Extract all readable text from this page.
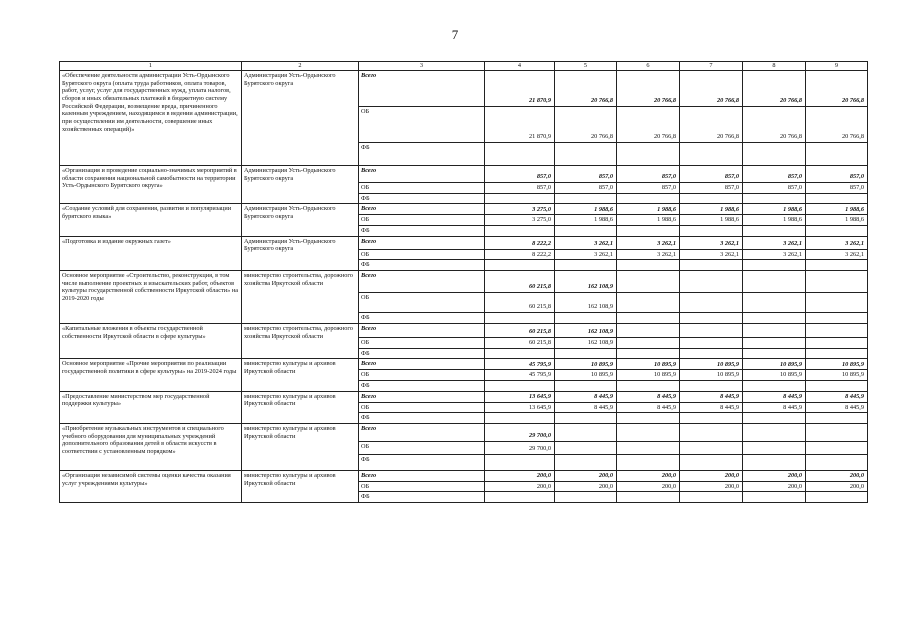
7
1	2	3	4	5	6	7	8	9
«Обеспечение деятельности администрации Усть-Ордынского Бурятского округа (оплата труда работников, оплата товаров, работ, услуг, услуг для государственных нужд, уплата налогов, сборов и иных обязательных платежей в бюджетную систему Российской Федерации, возмещение вреда, причиненного казенным учреждением, находящимся в ведении администрации, при осуществлении им деятельности, совершение иных хозяйственных операций)»	Администрация Усть-Ордынского Бурятского округа	Всего	21 870,9	20 766,8	20 766,8	20 766,8	20 766,8	20 766,8
		ОБ	21 870,9	20 766,8	20 766,8	20 766,8	20 766,8	20 766,8
		ФБ						
«Организация и проведение социально-значимых мероприятий в области сохранения национальной самобытности на территории Усть-Ордынского Бурятского округа»	Администрация Усть-Ордынского Бурятского округа	Всего	857,0	857,0	857,0	857,0	857,0	857,0
		ОБ	857,0	857,0	857,0	857,0	857,0	857,0
		ФБ						
«Создание условий для сохранения, развития и популяризации бурятского языка»	Администрация Усть-Ордынского Бурятского округа	Всего	3 275,0	1 988,6	1 988,6	1 988,6	1 988,6	1 988,6
		ОБ	3 275,0	1 988,6	1 988,6	1 988,6	1 988,6	1 988,6
		ФБ						
«Подготовка и издание окружных газет»	Администрация Усть-Ордынского Бурятского округа	Всего	8 222,2	3 262,1	3 262,1	3 262,1	3 262,1	3 262,1
		ОБ	8 222,2	3 262,1	3 262,1	3 262,1	3 262,1	3 262,1
		ФБ						
Основное мероприятие «Строительство, реконструкция, в том числе выполнение проектных и изыскательских работ, объектов культуры государственной собственности Иркутской области» на 2019-2020 годы	министерство строительства, дорожного хозяйства Иркутской области	Всего	60 215,8	162 108,9				
		ОБ	60 215,8	162 108,9				
		ФБ						
«Капитальные вложения в объекты государственной собственности Иркутской области в сфере культуры»	министерство строительства, дорожного хозяйства Иркутской области	Всего	60 215,8	162 108,9				
		ОБ	60 215,8	162 108,9				
		ФБ						
Основное мероприятие «Прочие мероприятия по реализации государственной политики в сфере культуры» на 2019-2024 годы	министерство культуры и архивов Иркутской области	Всего	45 795,9	10 895,9	10 895,9	10 895,9	10 895,9	10 895,9
		ОБ	45 795,9	10 895,9	10 895,9	10 895,9	10 895,9	10 895,9
		ФБ						
«Предоставление министерством мер государственной поддержки культуры»	министерство культуры и архивов Иркутской области	Всего	13 645,9	8 445,9	8 445,9	8 445,9	8 445,9	8 445,9
		ОБ	13 645,9	8 445,9	8 445,9	8 445,9	8 445,9	8 445,9
		ФБ						
«Приобретение музыкальных инструментов и специального учебного оборудования для муниципальных учреждений дополнительного образования детей в области искусств в соответствии с установленным порядком»	министерство культуры и архивов Иркутской области	Всего	29 700,0					
		ОБ	29 700,0					
		ФБ						
«Организация независимой системы оценки качества оказания услуг учреждениями культуры»	министерство культуры и архивов Иркутской области	Всего	200,0	200,0	200,0	200,0	200,0	200,0
		ОБ	200,0	200,0	200,0	200,0	200,0	200,0
		ФБ						
